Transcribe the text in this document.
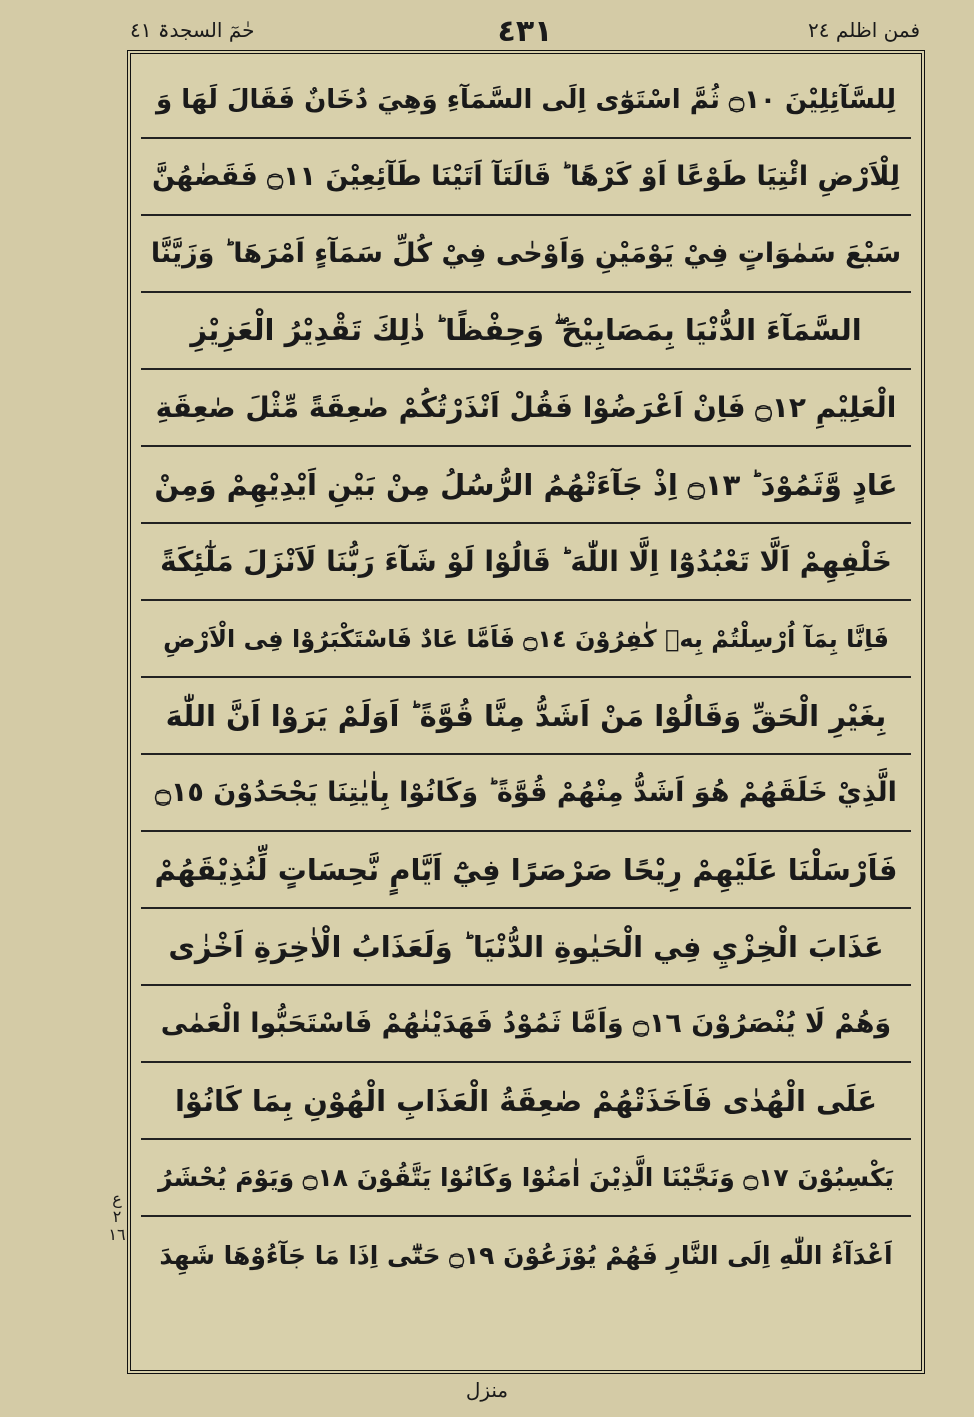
حٰمٓ السجدۃ ٤١	٤٣١	فمن اظلم ٢٤
لِلسَّآئِلِيْنَ ۝١٠ ثُمَّ اسْتَوٰٓى اِلَى السَّمَآءِ وَهِيَ دُخَانٌ فَقَالَ لَهَا وَ
لِلْاَرْضِ ائْتِيَا طَوْعًا اَوْ كَرْهًا ؕ قَالَتَآ اَتَيْنَا طَآئِعِيْنَ ۝١١ فَقَضٰهُنَّ
سَبْعَ سَمٰوَاتٍ فِيْ يَوْمَيْنِ وَاَوْحٰى فِيْ كُلِّ سَمَآءٍ اَمْرَهَا ؕ وَزَيَّنَّا
السَّمَآءَ الدُّنْيَا بِمَصَابِيْحَ ۖ وَحِفْظًا ؕ ذٰلِكَ تَقْدِيْرُ الْعَزِيْزِ
الْعَلِيْمِ ۝١٢ فَاِنْ اَعْرَضُوْا فَقُلْ اَنْذَرْتُكُمْ صٰعِقَةً مِّثْلَ صٰعِقَةِ
عَادٍ وَّثَمُوْدَ ؕ ۝١٣ اِذْ جَآءَتْهُمُ الرُّسُلُ مِنْ بَيْنِ اَيْدِيْهِمْ وَمِنْ
خَلْفِهِمْ اَلَّا تَعْبُدُوْٓا اِلَّا اللّٰهَ ؕ قَالُوْا لَوْ شَآءَ رَبُّنَا لَاَنْزَلَ مَلٰٓئِكَةً
فَاِنَّا بِمَآ اُرْسِلْتُمْ بِهٖ كٰفِرُوْنَ ۝١٤ فَاَمَّا عَادٌ فَاسْتَكْبَرُوْا فِى الْاَرْضِ
بِغَيْرِ الْحَقِّ وَقَالُوْا مَنْ اَشَدُّ مِنَّا قُوَّةً ؕ اَوَلَمْ يَرَوْا اَنَّ اللّٰهَ
الَّذِيْ خَلَقَهُمْ هُوَ اَشَدُّ مِنْهُمْ قُوَّةً ؕ وَكَانُوْا بِاٰيٰتِنَا يَجْحَدُوْنَ ۝١٥
فَاَرْسَلْنَا عَلَيْهِمْ رِيْحًا صَرْصَرًا فِيْٓ اَيَّامٍ نَّحِسَاتٍ لِّنُذِيْقَهُمْ
عَذَابَ الْخِزْيِ فِي الْحَيٰوةِ الدُّنْيَا ؕ وَلَعَذَابُ الْاٰخِرَةِ اَخْزٰى
وَهُمْ لَا يُنْصَرُوْنَ ۝١٦ وَاَمَّا ثَمُوْدُ فَهَدَيْنٰهُمْ فَاسْتَحَبُّوا الْعَمٰى
عَلَى الْهُدٰى فَاَخَذَتْهُمْ صٰعِقَةُ الْعَذَابِ الْهُوْنِ بِمَا كَانُوْا
يَكْسِبُوْنَ ۝١٧ وَنَجَّيْنَا الَّذِيْنَ اٰمَنُوْا وَكَانُوْا يَتَّقُوْنَ ۝١٨ وَيَوْمَ يُحْشَرُ
اَعْدَآءُ اللّٰهِ اِلَى النَّارِ فَهُمْ يُوْزَعُوْنَ ۝١٩ حَتّٰٓى اِذَا مَا جَآءُوْهَا شَهِدَ
ع ٢ ١٦
منزل
